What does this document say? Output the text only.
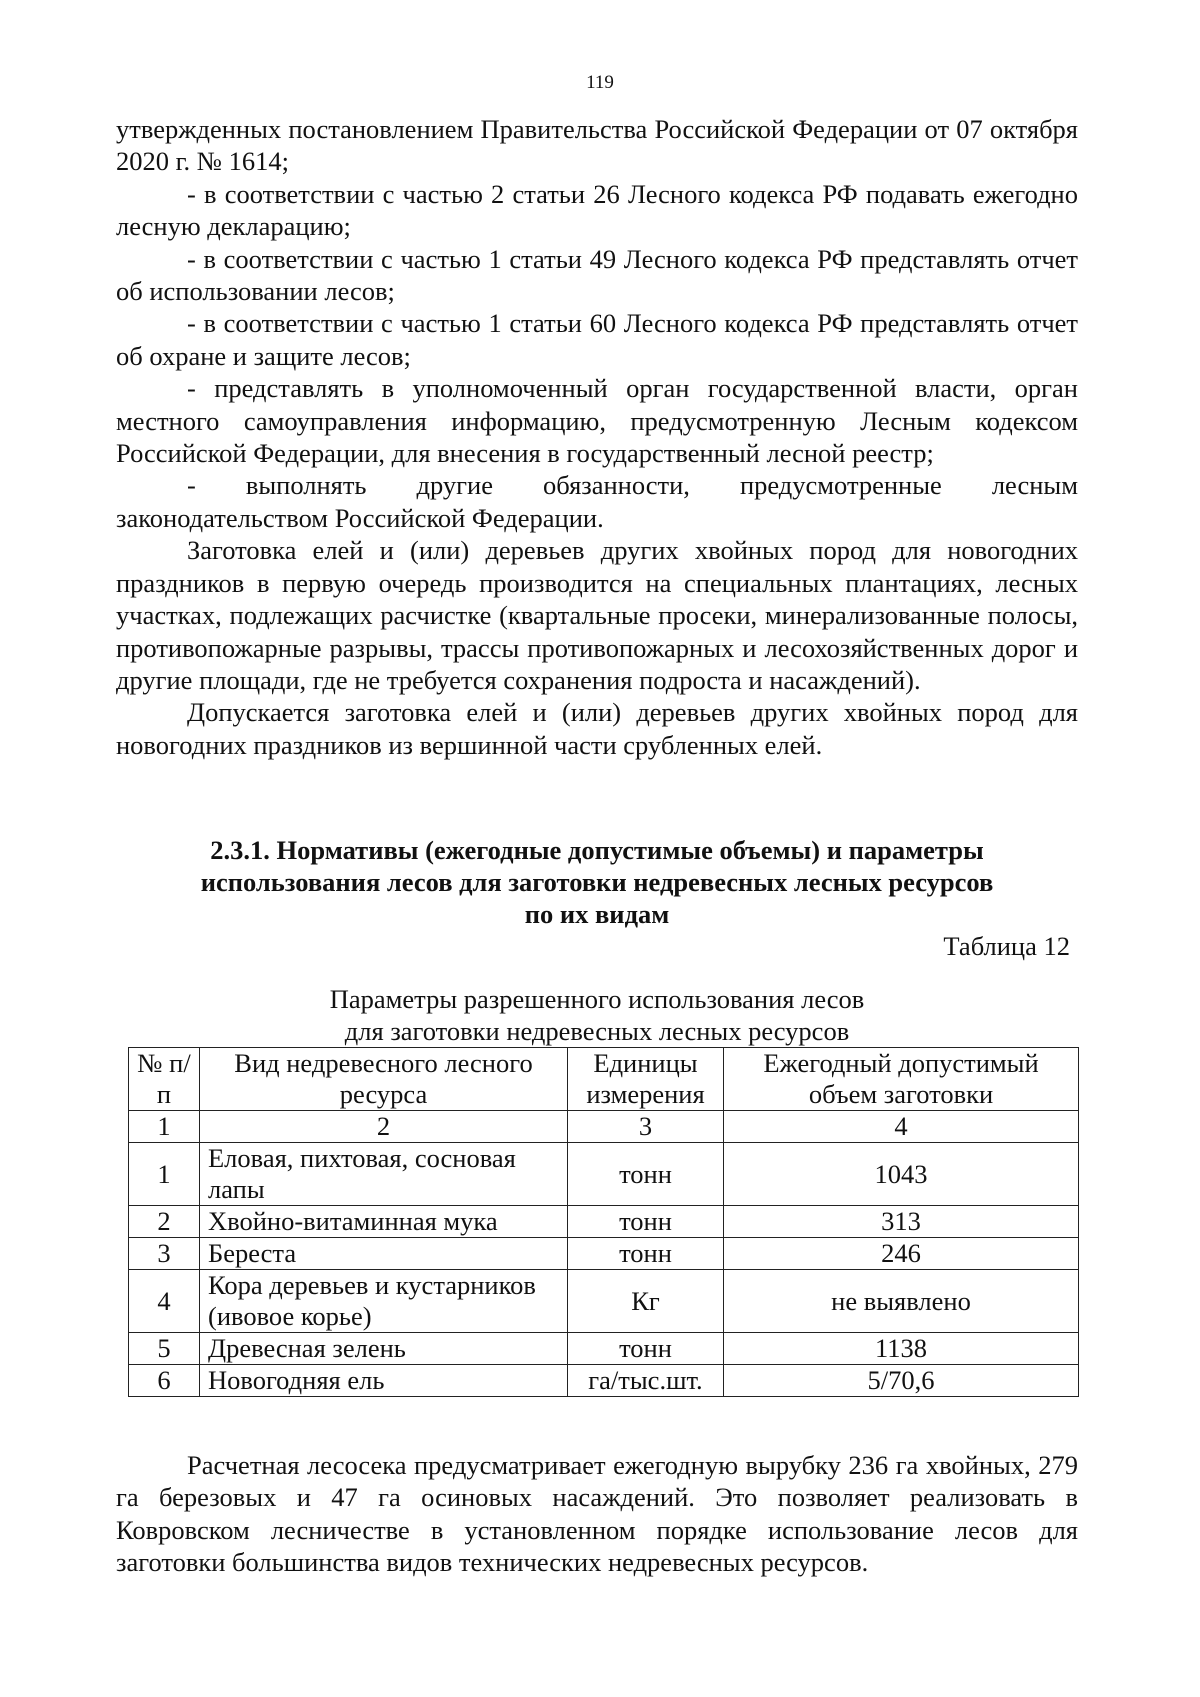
119

утвержденных постановлением Правительства Российской Федерации от 07 октября 2020 г. № 1614;

- в соответствии с частью 2 статьи 26 Лесного кодекса РФ подавать ежегодно лесную декларацию;

- в соответствии с частью 1 статьи 49 Лесного кодекса РФ представлять отчет об использовании лесов;

- в соответствии с частью 1 статьи 60 Лесного кодекса РФ представлять отчет об охране и защите лесов;

- представлять в уполномоченный орган государственной власти, орган местного самоуправления информацию, предусмотренную Лесным кодексом Российской Федерации, для внесения в государственный лесной реестр;

- выполнять другие обязанности, предусмотренные лесным законодательством Российской Федерации.

Заготовка елей и (или) деревьев других хвойных пород для новогодних праздников в первую очередь производится на специальных плантациях, лесных участках, подлежащих расчистке (квартальные просеки, минерализованные полосы, противопожарные разрывы, трассы противопожарных и лесохозяйственных дорог и другие площади, где не требуется сохранения подроста и насаждений).

Допускается заготовка елей и (или) деревьев других хвойных пород для новогодних праздников из вершинной части срубленных елей.

2.3.1. Нормативы (ежегодные допустимые объемы) и параметры
использования лесов для заготовки недревесных лесных ресурсов
по их видам
Таблица 12
Параметры разрешенного использования лесов
для заготовки недревесных лесных ресурсов
№ п/п	Вид недревесного лесного ресурса	Единицы измерения	Ежегодный допустимый объем заготовки
1	2	3	4
1	Еловая, пихтовая, сосновая лапы	тонн	1043
2	Хвойно-витаминная мука	тонн	313
3	Береста	тонн	246
4	Кора деревьев и кустарников (ивовое корье)	Кг	не выявлено
5	Древесная зелень	тонн	1138
6	Новогодняя ель	га/тыс.шт.	5/70,6

Расчетная лесосека предусматривает ежегодную вырубку 236 га хвойных, 279 га березовых и 47 га осиновых насаждений. Это позволяет реализовать в Ковровском лесничестве в установленном порядке использование лесов для заготовки большинства видов технических недревесных ресурсов.
